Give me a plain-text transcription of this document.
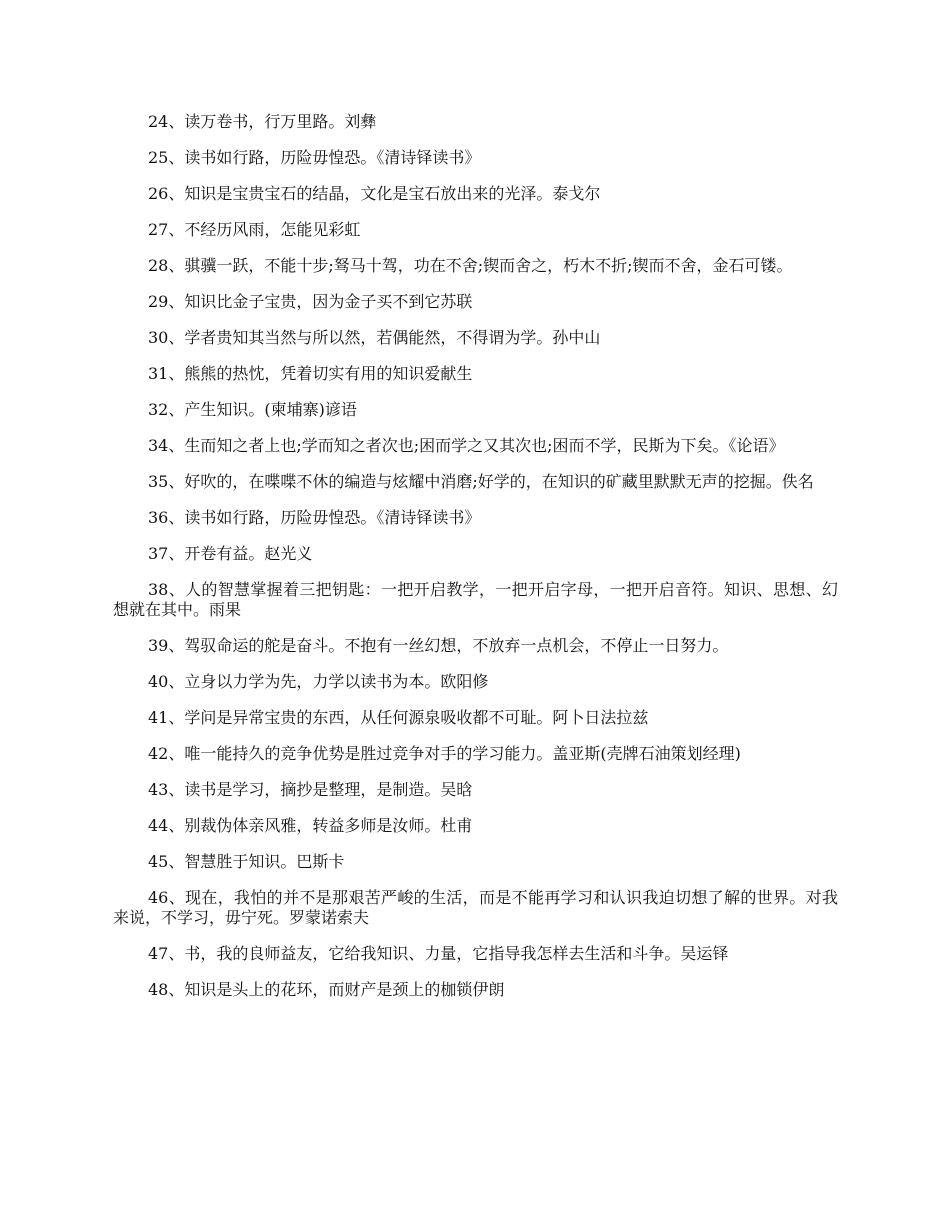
24、读万卷书，行万里路。刘彝

25、读书如行路，历险毋惶恐。《清诗铎读书》

26、知识是宝贵宝石的结晶，文化是宝石放出来的光泽。泰戈尔

27、不经历风雨，怎能见彩虹

28、骐骥一跃，不能十步;驽马十驾，功在不舍;锲而舍之，朽木不折;锲而不舍，金石可镂。

29、知识比金子宝贵，因为金子买不到它苏联

30、学者贵知其当然与所以然，若偶能然，不得谓为学。孙中山

31、熊熊的热忱，凭着切实有用的知识爱献生

32、产生知识。(柬埔寨)谚语

34、生而知之者上也;学而知之者次也;困而学之又其次也;困而不学，民斯为下矣。《论语》

35、好吹的，在喋喋不休的编造与炫耀中消磨;好学的，在知识的矿藏里默默无声的挖掘。佚名

36、读书如行路，历险毋惶恐。《清诗铎读书》

37、开卷有益。赵光义

38、人的智慧掌握着三把钥匙：一把开启教学，一把开启字母，一把开启音符。知识、思想、幻想就在其中。雨果

39、驾驭命运的舵是奋斗。不抱有一丝幻想，不放弃一点机会，不停止一日努力。

40、立身以力学为先，力学以读书为本。欧阳修

41、学问是异常宝贵的东西，从任何源泉吸收都不可耻。阿卜日法拉兹

42、唯一能持久的竞争优势是胜过竞争对手的学习能力。盖亚斯(壳牌石油策划经理)

43、读书是学习，摘抄是整理，是制造。吴晗

44、别裁伪体亲风雅，转益多师是汝师。杜甫

45、智慧胜于知识。巴斯卡

46、现在，我怕的并不是那艰苦严峻的生活，而是不能再学习和认识我迫切想了解的世界。对我来说，不学习，毋宁死。罗蒙诺索夫

47、书，我的良师益友，它给我知识、力量，它指导我怎样去生活和斗争。吴运铎

48、知识是头上的花环，而财产是颈上的枷锁伊朗
